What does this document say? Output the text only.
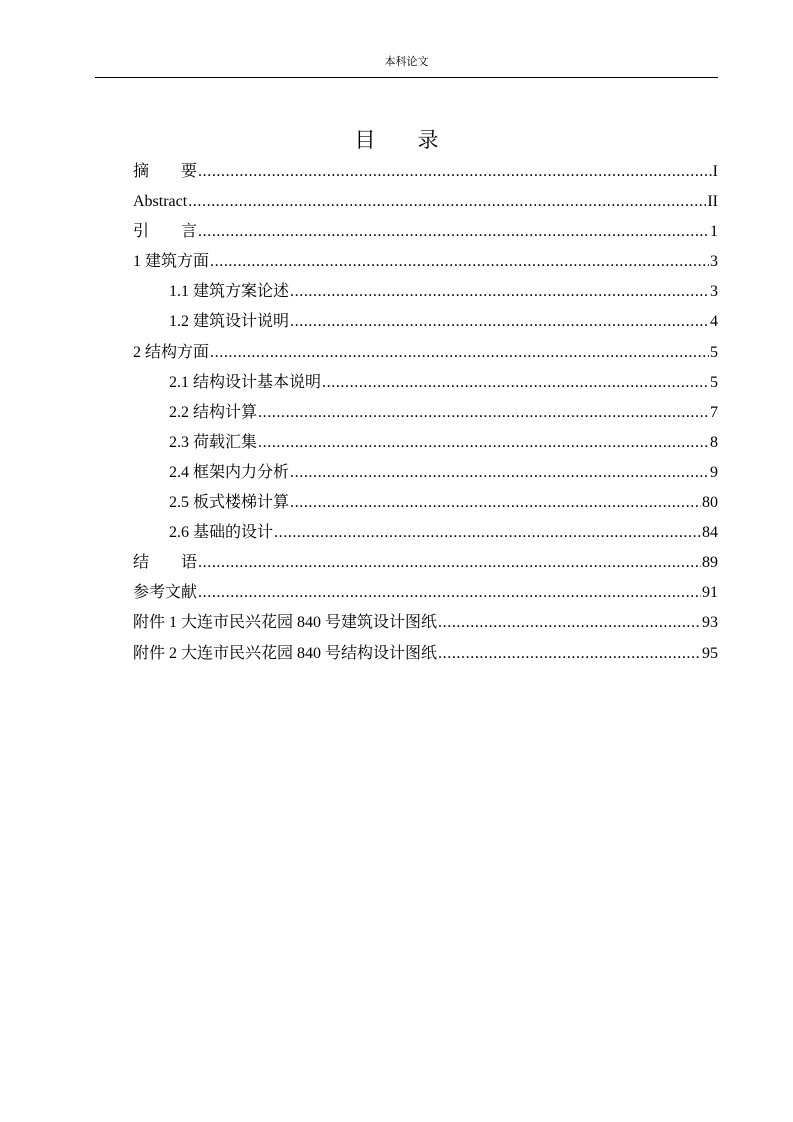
本科论文
目　　录
摘　　要 .....	I
Abstract .....	II
引　　言 .....	1
1 建筑方面 .....	3
1.1 建筑方案论述 .....	3
1.2 建筑设计说明 .....	4
2 结构方面 .....	5
2.1 结构设计基本说明 .....	5
2.2 结构计算 .....	7
2.3 荷载汇集 .....	8
2.4 框架内力分析 .....	9
2.5 板式楼梯计算 .....	80
2.6 基础的设计 .....	84
结　　语 .....	89
参考文献 .....	91
附件 1 大连市民兴花园 840 号建筑设计图纸 .....	93
附件 2 大连市民兴花园 840 号结构设计图纸 .....	95
